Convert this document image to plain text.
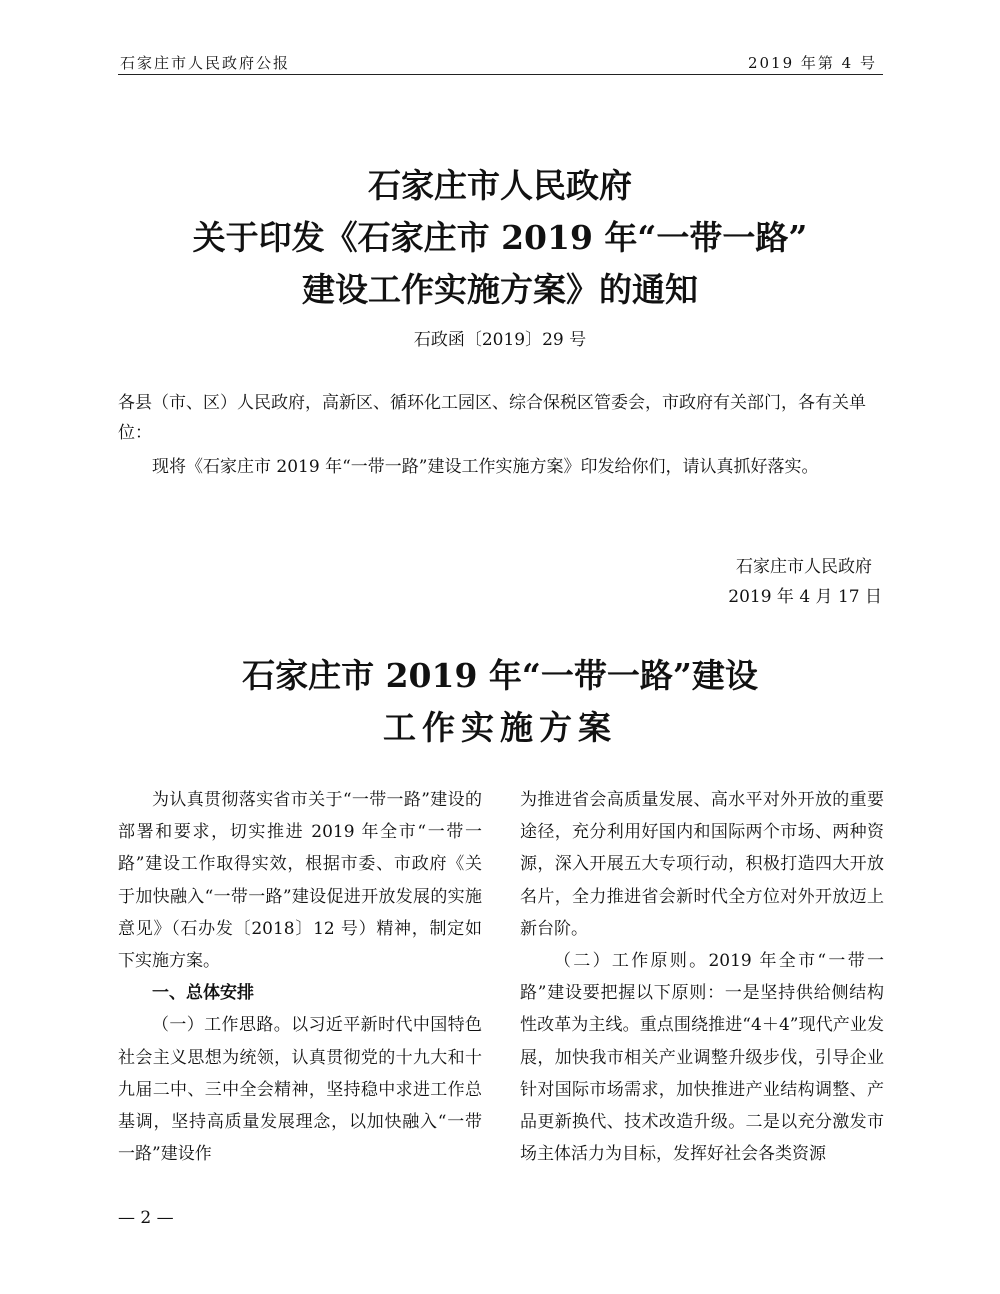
石家庄市人民政府公报	2019 年第 4 号
石家庄市人民政府
关于印发《石家庄市 2019 年“一带一路”
建设工作实施方案》的通知
石政函〔2019〕29 号
各县（市、区）人民政府，高新区、循环化工园区、综合保税区管委会，市政府有关部门，各有关单位：
现将《石家庄市 2019 年“一带一路”建设工作实施方案》印发给你们，请认真抓好落实。
石家庄市人民政府
2019 年 4 月 17 日
石家庄市 2019 年“一带一路”建设
工作实施方案

为认真贯彻落实省市关于“一带一路”建设的部署和要求，切实推进 2019 年全市“一带一路”建设工作取得实效，根据市委、市政府《关于加快融入“一带一路”建设促进开放发展的实施意见》（石办发〔2018〕12 号）精神，制定如下实施方案。

一、总体安排

（一）工作思路。以习近平新时代中国特色社会主义思想为统领，认真贯彻党的十九大和十九届二中、三中全会精神，坚持稳中求进工作总基调，坚持高质量发展理念，以加快融入“一带一路”建设作

为推进省会高质量发展、高水平对外开放的重要途径，充分利用好国内和国际两个市场、两种资源，深入开展五大专项行动，积极打造四大开放名片，全力推进省会新时代全方位对外开放迈上新台阶。

（二）工作原则。2019 年全市“一带一路”建设要把握以下原则：一是坚持供给侧结构性改革为主线。重点围绕推进“4＋4”现代产业发展，加快我市相关产业调整升级步伐，引导企业针对国际市场需求，加快推进产业结构调整、产品更新换代、技术改造升级。二是以充分激发市场主体活力为目标，发挥好社会各类资源

— 2 —
